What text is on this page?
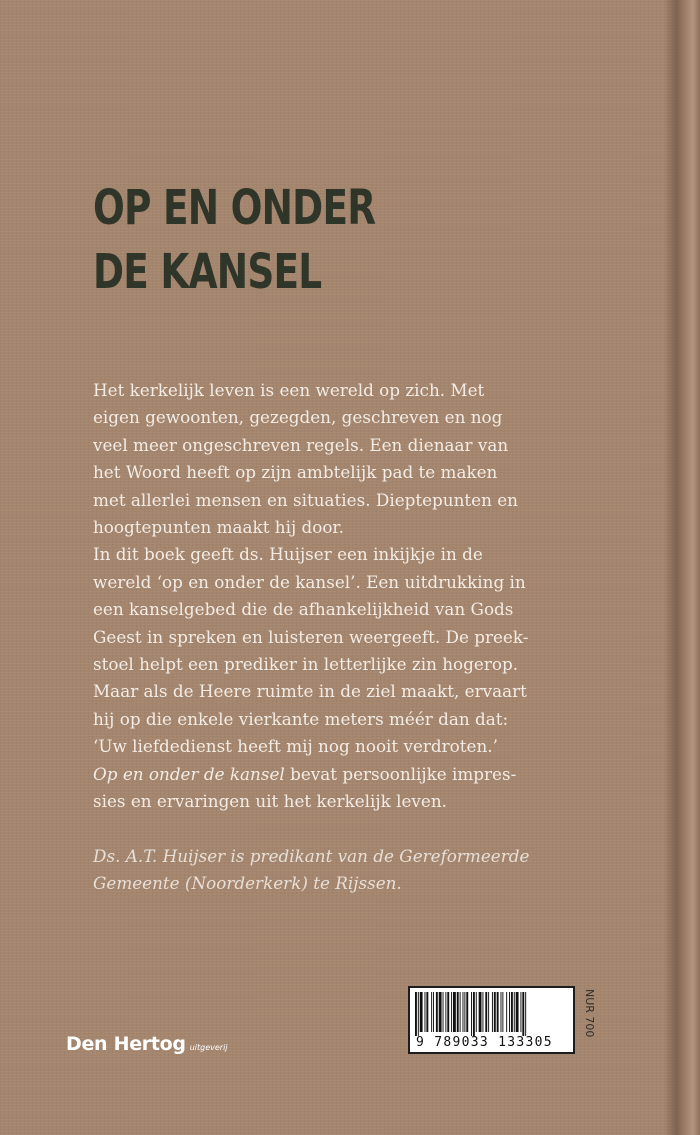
OP EN ONDER
DE KANSEL
Het kerkelijk leven is een wereld op zich. Met
eigen gewoonten, gezegden, geschreven en nog
veel meer ongeschreven regels. Een dienaar van
het Woord heeft op zijn ambtelijk pad te maken
met allerlei mensen en situaties. Dieptepunten en
hoogtepunten maakt hij door.
In dit boek geeft ds. Huijser een inkijkje in de
wereld ‘op en onder de kansel’. Een uitdrukking in
een kanselgebed die de afhankelijkheid van Gods
Geest in spreken en luisteren weergeeft. De preek-
stoel helpt een prediker in letterlijke zin hogerop.
Maar als de Heere ruimte in de ziel maakt, ervaart
hij op die enkele vierkante meters méér dan dat:
‘Uw liefdedienst heeft mij nog nooit verdroten.’
Op en onder de kansel bevat persoonlijke impres-
sies en ervaringen uit het kerkelijk leven.
Ds. A.T. Huijser is predikant van de Gereformeerde
Gemeente (Noorderkerk) te Rijssen.
9 789033 133305
NUR 700
Den Hertog uitgeverij
